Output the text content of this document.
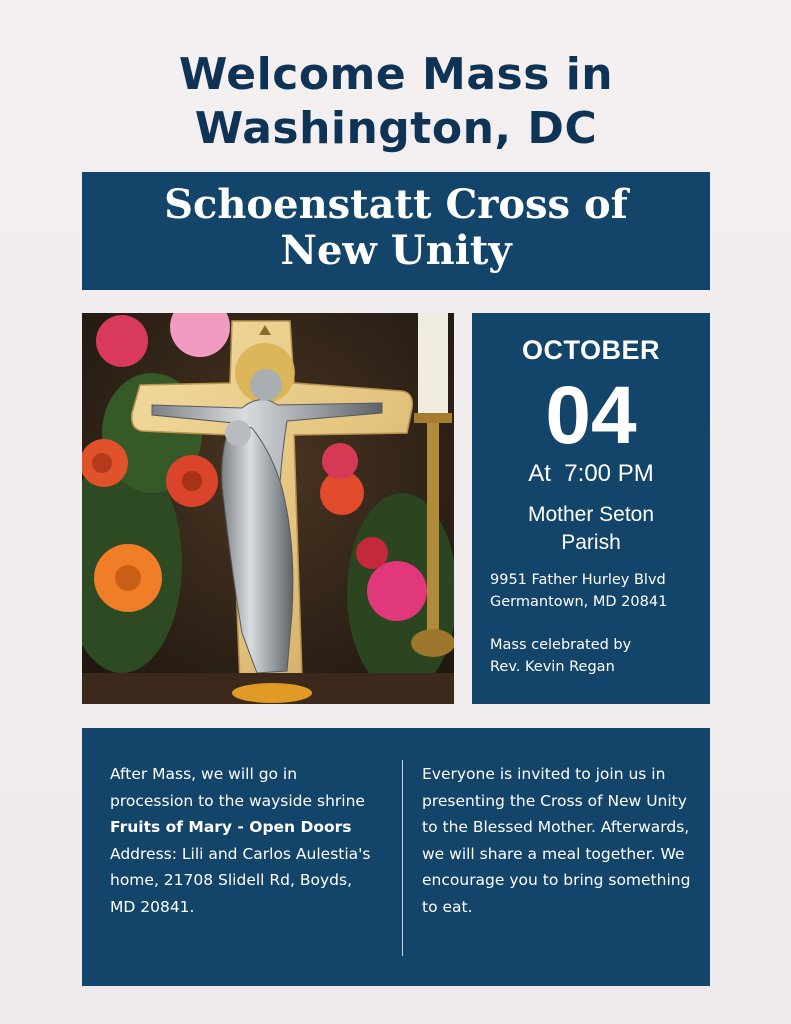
Welcome Mass in
Washington, DC
Schoenstatt Cross of
New Unity
OCTOBER
04
At  7:00 PM
Mother Seton
Parish
9951 Father Hurley Blvd
Germantown, MD 20841
Mass celebrated by
Rev. Kevin Regan
After Mass, we will go in procession to the wayside shrine Fruits of Mary - Open Doors
Address: Lili and Carlos Aulestia's home, 21708 Slidell Rd, Boyds, MD 20841.
Everyone is invited to join us in presenting the Cross of New Unity to the Blessed Mother. Afterwards, we will share a meal together. We encourage you to bring something to eat.
